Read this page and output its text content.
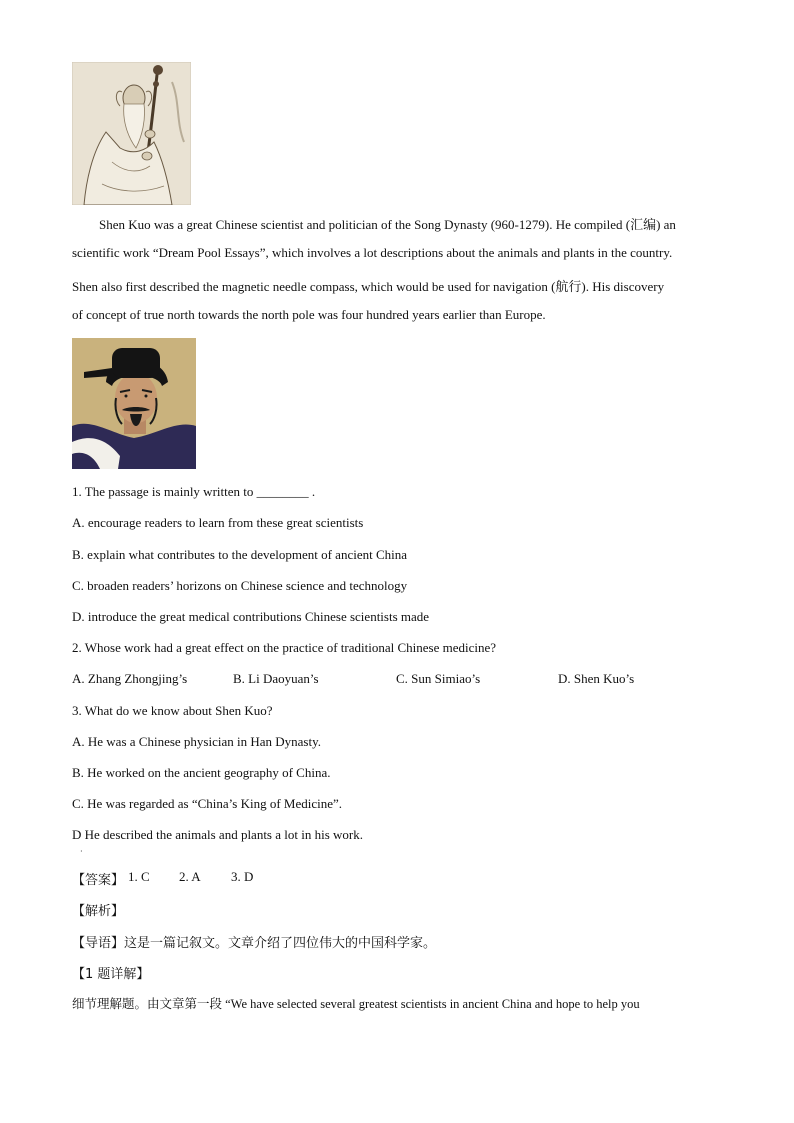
Shen Kuo was a great Chinese scientist and politician of the Song Dynasty (960-1279). He compiled (汇编) an
scientific work “Dream Pool Essays”, which involves a lot descriptions about the animals and plants in the country.
Shen also first described the magnetic needle compass, which would be used for navigation (航行). His discovery
of concept of true north towards the north pole was four hundred years earlier than Europe.
1. The passage is mainly written to ________ .
A. encourage readers to learn from these great scientists
B. explain what contributes to the development of ancient China
C. broaden readers’ horizons on Chinese science and technology
D. introduce the great medical contributions Chinese scientists made
2. Whose work had a great effect on the practice of traditional Chinese medicine?
A. Zhang Zhongjing’s	B. Li Daoyuan’s	C. Sun Simiao’s	D. Shen Kuo’s
3. What do we know about Shen Kuo?
A. He was a Chinese physician in Han Dynasty.
B. He worked on the ancient geography of China.
C. He was regarded as “China’s King of Medicine”.
D He described the animals and plants a lot in his work.
·
【答案】 1. C 2. A 3. D
【解析】
【导语】这是一篇记叙文。文章介绍了四位伟大的中国科学家。
【1 题详解】
细节理解题。由文章第一段 “We have selected several greatest scientists in ancient China and hope to help you
